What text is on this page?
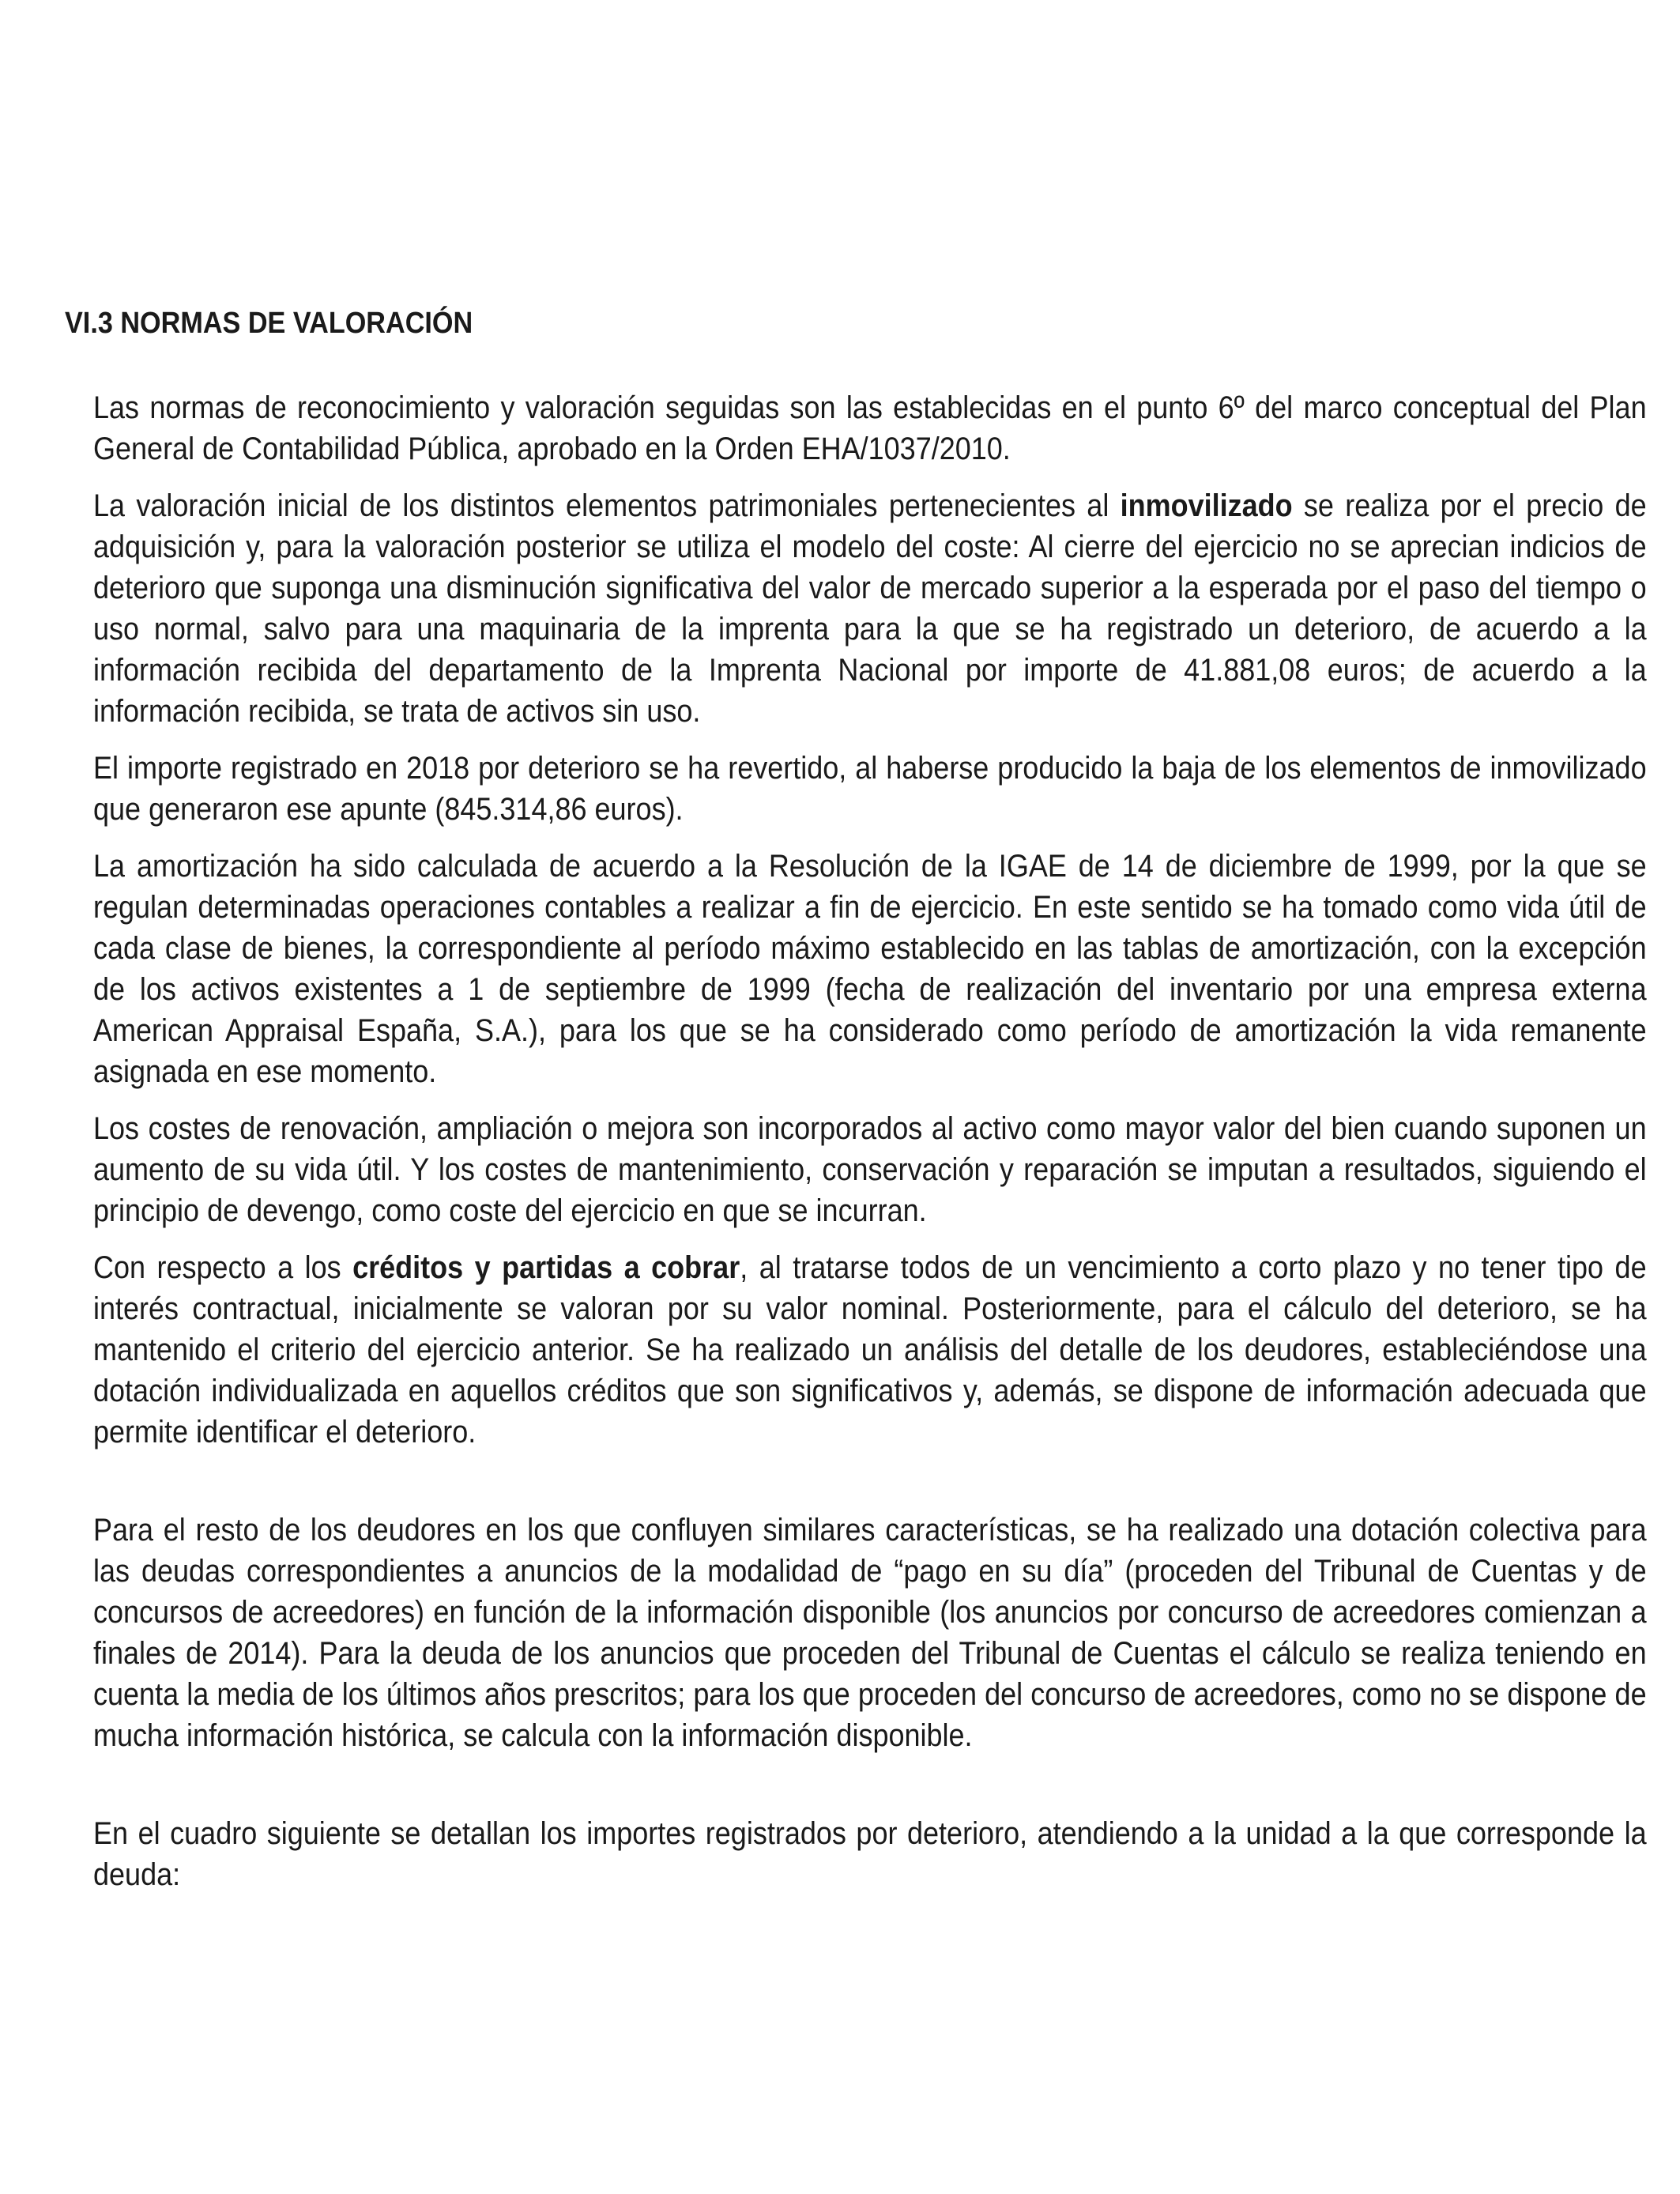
VI.3 NORMAS DE VALORACIÓN

Las normas de reconocimiento y valoración seguidas son las establecidas en el punto 6º del marco conceptual del Plan General de Contabilidad Pública, aprobado en la Orden EHA/1037/2010.

La valoración inicial de los distintos elementos patrimoniales pertenecientes al inmovilizado se realiza por el precio de adquisición y, para la valoración posterior se utiliza el modelo del coste: Al cierre del ejercicio no se aprecian indicios de deterioro que suponga una disminución significativa del valor de mercado superior a la esperada por el paso del tiempo o uso normal, salvo para una maquinaria de la imprenta para la que se ha registrado un deterioro, de acuerdo a la información recibida del departamento de la Imprenta Nacional por importe de 41.881,08 euros; de acuerdo a la información recibida, se trata de activos sin uso.

El importe registrado en 2018 por deterioro se ha revertido, al haberse producido la baja de los elementos de inmovilizado que generaron ese apunte (845.314,86 euros).

La amortización ha sido calculada de acuerdo a la Resolución de la IGAE de 14 de diciembre de 1999, por la que se regulan determinadas operaciones contables a realizar a fin de ejercicio. En este sentido se ha tomado como vida útil de cada clase de bienes, la correspondiente al período máximo establecido en las tablas de amortización, con la excepción de los activos existentes a 1 de septiembre de 1999 (fecha de realización del inventario por una empresa externa American Appraisal España, S.A.), para los que se ha considerado como período de amortización la vida remanente asignada en ese momento.

Los costes de renovación, ampliación o mejora son incorporados al activo como mayor valor del bien cuando suponen un aumento de su vida útil. Y los costes de mantenimiento, conservación y reparación se imputan a resultados, siguiendo el principio de devengo, como coste del ejercicio en que se incurran.

Con respecto a los créditos y partidas a cobrar, al tratarse todos de un vencimiento a corto plazo y no tener tipo de interés contractual, inicialmente se valoran por su valor nominal. Posteriormente, para el cálculo del deterioro, se ha mantenido el criterio del ejercicio anterior. Se ha realizado un análisis del detalle de los deudores, estableciéndose una dotación individualizada en aquellos créditos que son significativos y, además, se dispone de información adecuada que permite identificar el deterioro.

Para el resto de los deudores en los que confluyen similares características, se ha realizado una dotación colectiva para las deudas correspondientes a anuncios de la modalidad de “pago en su día” (proceden del Tribunal de Cuentas y de concursos de acreedores) en función de la información disponible (los anuncios por concurso de acreedores comienzan a finales de 2014). Para la deuda de los anuncios que proceden del Tribunal de Cuentas el cálculo se realiza teniendo en cuenta la media de los últimos años prescritos; para los que proceden del concurso de acreedores, como no se dispone de mucha información histórica, se calcula con la información disponible.

En el cuadro siguiente se detallan los importes registrados por deterioro, atendiendo a la unidad a la que corresponde la deuda:
